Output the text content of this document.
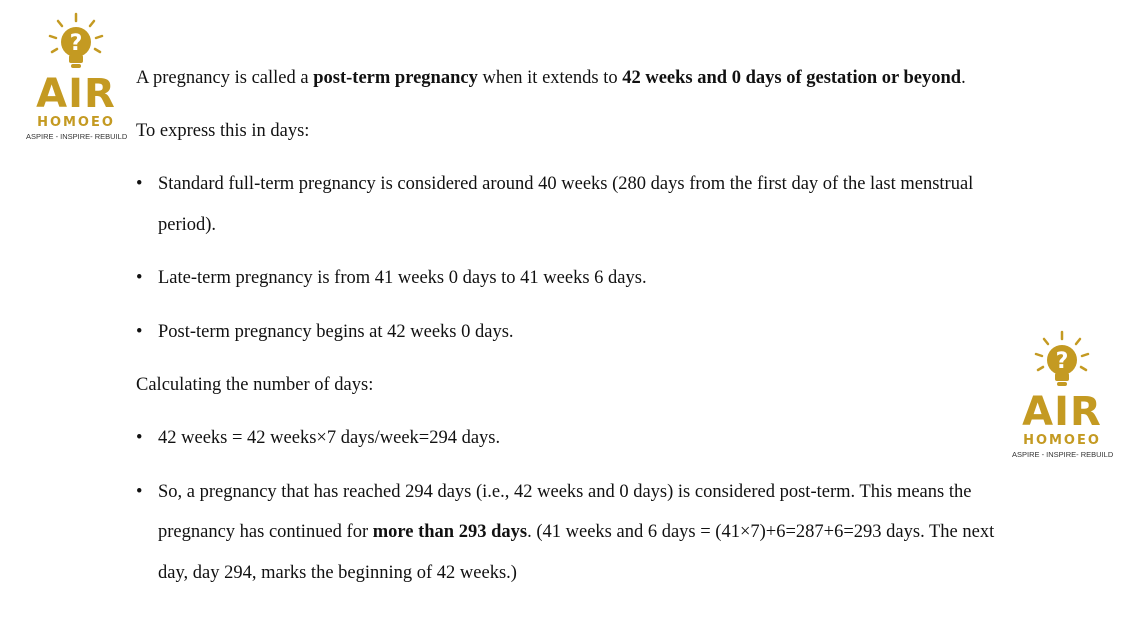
?
AIR
HOMOEO
ASPIRE - INSPIRE- REBUILD
?
AIR
HOMOEO
ASPIRE - INSPIRE- REBUILD
A pregnancy is called a post-term pregnancy when it extends to 42 weeks and 0 days of gestation or beyond.
To express this in days:
• Standard full-term pregnancy is considered around 40 weeks (280 days from the first day of the last menstrual
period).
• Late-term pregnancy is from 41 weeks 0 days to 41 weeks 6 days.
• Post-term pregnancy begins at 42 weeks 0 days.
Calculating the number of days:
• 42 weeks = 42 weeks×7 days/week=294 days.
• So, a pregnancy that has reached 294 days (i.e., 42 weeks and 0 days) is considered post-term. This means the
pregnancy has continued for more than 293 days. (41 weeks and 6 days = (41×7)+6=287+6=293 days. The next
day, day 294, marks the beginning of 42 weeks.)
